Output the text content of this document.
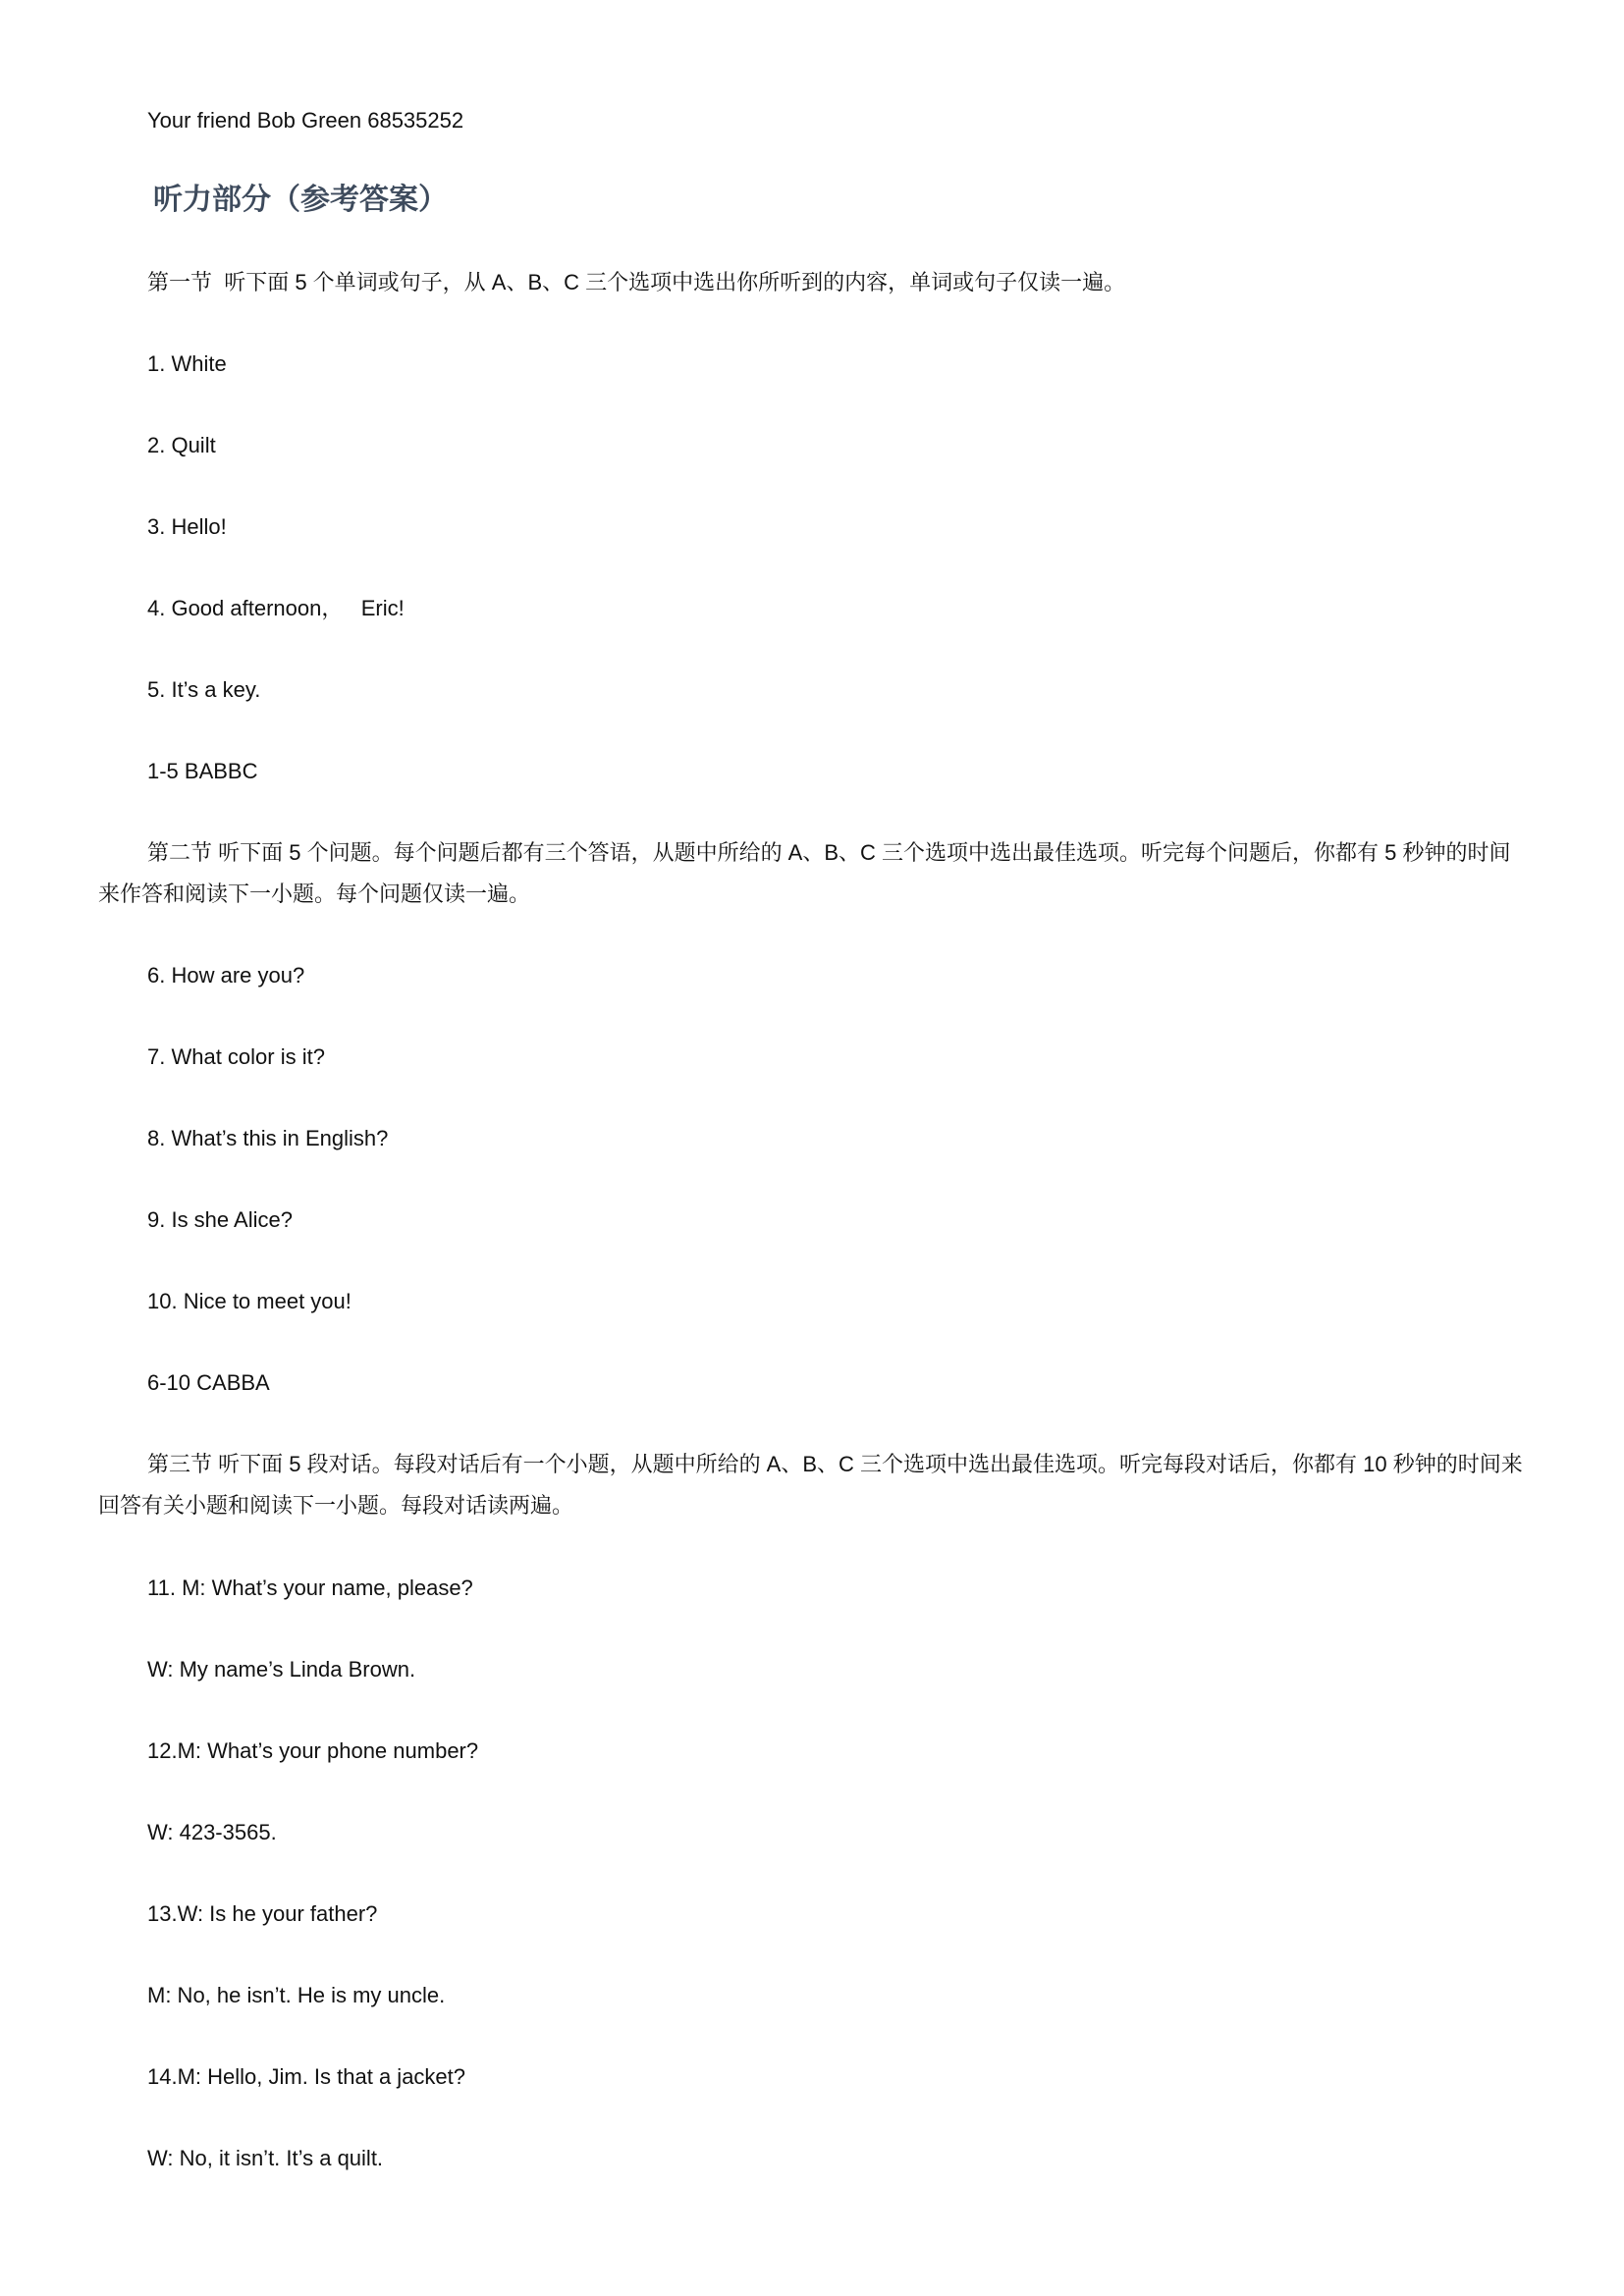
Your friend Bob Green 68535252
听力部分（参考答案）
第一节  听下面 5 个单词或句子，从 A、B、C 三个选项中选出你所听到的内容，单词或句子仅读一遍。
1. White
2. Quilt
3. Hello!
4. Good afternoon，   Eric!
5. It’s a key.
1-5 BABBC
第二节 听下面 5 个问题。每个问题后都有三个答语，从题中所给的 A、B、C 三个选项中选出最佳选项。听完每个问题后，你都有 5 秒钟的时间来作答和阅读下一小题。每个问题仅读一遍。
6. How are you?
7. What color is it?
8. What’s this in English?
9. Is she Alice?
10. Nice to meet you!
6-10 CABBA
第三节 听下面 5 段对话。每段对话后有一个小题，从题中所给的 A、B、C 三个选项中选出最佳选项。听完每段对话后，你都有 10 秒钟的时间来回答有关小题和阅读下一小题。每段对话读两遍。
11. M: What’s your name, please?
W: My name’s Linda Brown.
12.M: What’s your phone number?
W: 423-3565.
13.W: Is he your father?
M: No, he isn’t. He is my uncle.
14.M: Hello, Jim. Is that a jacket?
W: No, it isn’t. It’s a quilt.
